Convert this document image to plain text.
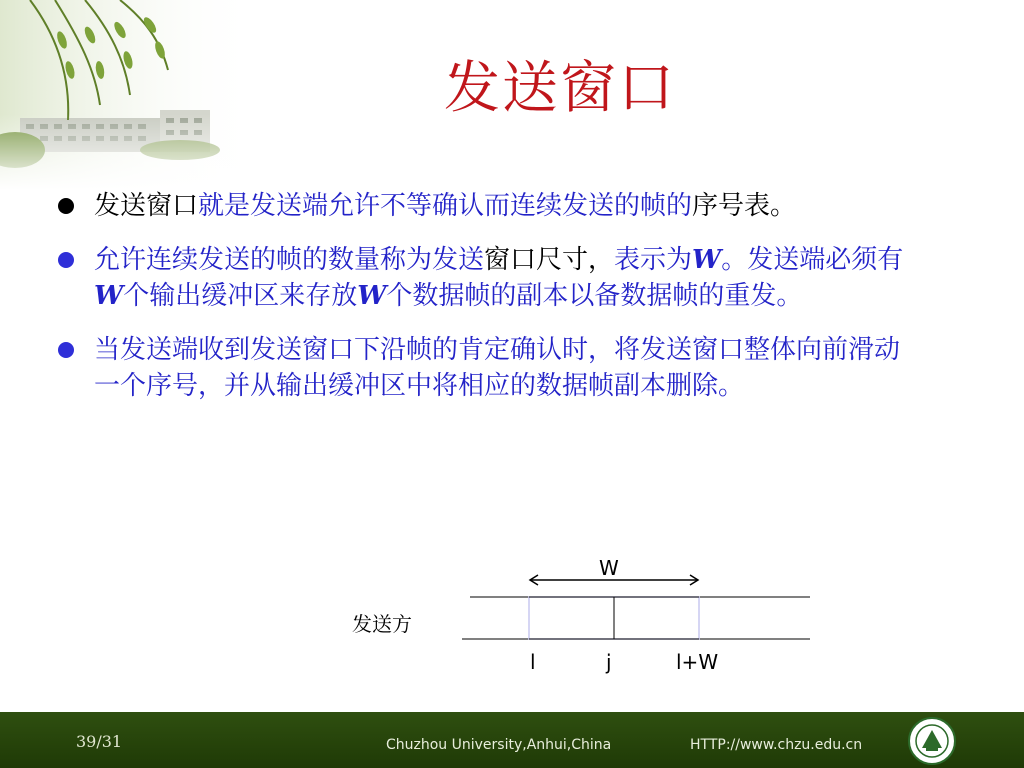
发送窗口
发送窗口就是发送端允许不等确认而连续发送的帧的序号表。
允许连续发送的帧的数量称为发送窗口尺寸，表示为W。发送端必须有W个输出缓冲区来存放W个数据帧的副本以备数据帧的重发。
当发送端收到发送窗口下沿帧的肯定确认时，将发送窗口整体向前滑动一个序号，并从输出缓冲区中将相应的数据帧副本删除。
W
发送方
l	j	l+W
39/31	Chuzhou University,Anhui,China	HTTP://www.chzu.edu.cn
